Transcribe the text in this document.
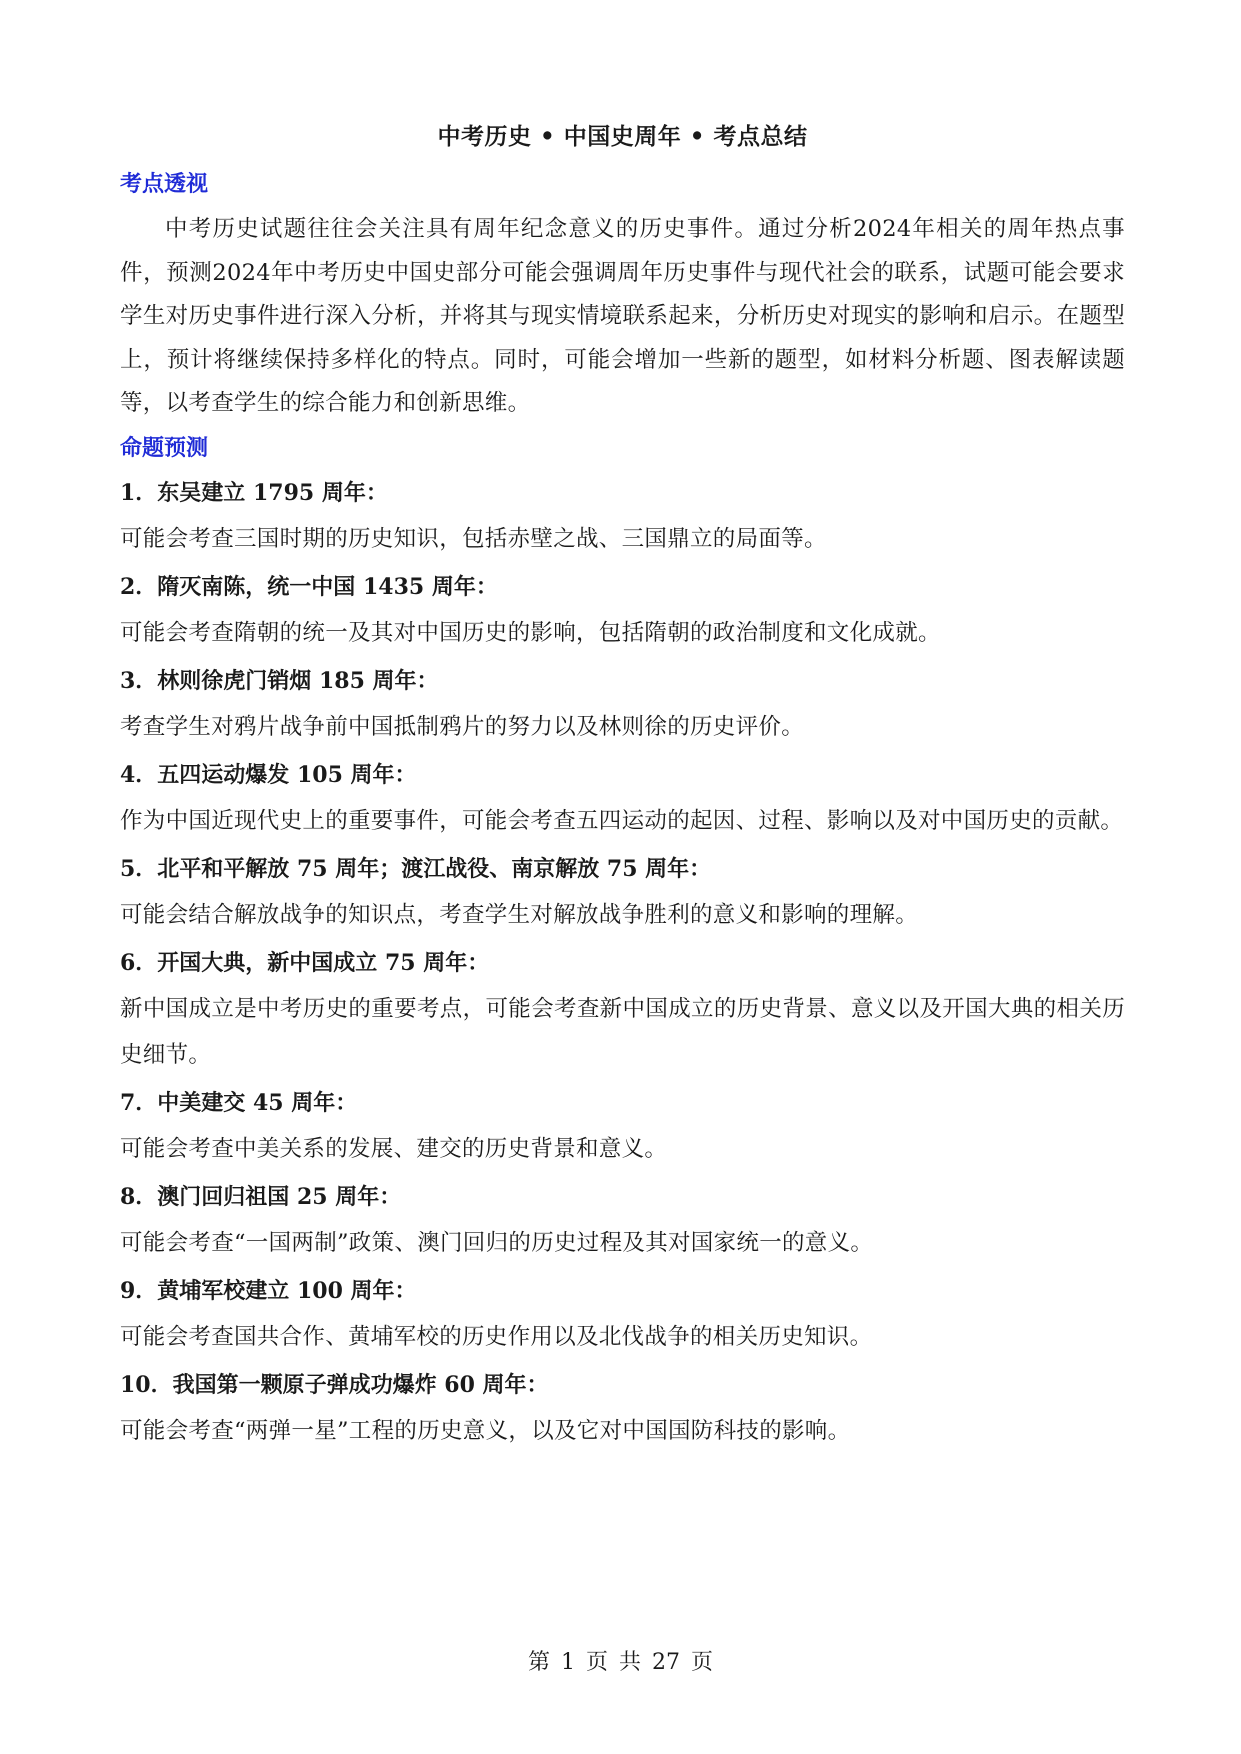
中考历史 • 中国史周年 • 考点总结
考点透视

中考历史试题往往会关注具有周年纪念意义的历史事件。通过分析2024年相关的周年热点事件，预测2024年中考历史中国史部分可能会强调周年历史事件与现代社会的联系，试题可能会要求学生对历史事件进行深入分析，并将其与现实情境联系起来，分析历史对现实的影响和启示。在题型上，预计将继续保持多样化的特点。同时，可能会增加一些新的题型，如材料分析题、图表解读题等，以考查学生的综合能力和创新思维。

命题预测
1．东吴建立 1795 周年：
可能会考查三国时期的历史知识，包括赤壁之战、三国鼎立的局面等。
2．隋灭南陈，统一中国 1435 周年：
可能会考查隋朝的统一及其对中国历史的影响，包括隋朝的政治制度和文化成就。
3．林则徐虎门销烟 185 周年：
考查学生对鸦片战争前中国抵制鸦片的努力以及林则徐的历史评价。
4．五四运动爆发 105 周年：
作为中国近现代史上的重要事件，可能会考查五四运动的起因、过程、影响以及对中国历史的贡献。
5．北平和平解放 75 周年；渡江战役、南京解放 75 周年：
可能会结合解放战争的知识点，考查学生对解放战争胜利的意义和影响的理解。
6．开国大典，新中国成立 75 周年：
新中国成立是中考历史的重要考点，可能会考查新中国成立的历史背景、意义以及开国大典的相关历史细节。
7．中美建交 45 周年：
可能会考查中美关系的发展、建交的历史背景和意义。
8．澳门回归祖国 25 周年：
可能会考查“一国两制”政策、澳门回归的历史过程及其对国家统一的意义。
9．黄埔军校建立 100 周年：
可能会考查国共合作、黄埔军校的历史作用以及北伐战争的相关历史知识。
10．我国第一颗原子弹成功爆炸 60 周年：
可能会考查“两弹一星”工程的历史意义，以及它对中国国防科技的影响。
第 1 页 共 27 页
